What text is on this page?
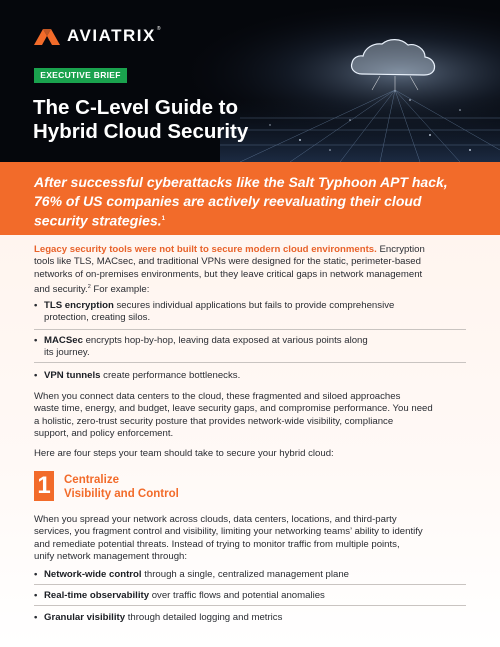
AVIATRIX ®
EXECUTIVE BRIEF
The C-Level Guide to
Hybrid Cloud Security

After successful cyberattacks like the Salt Typhoon APT hack,

76% of US companies are actively reevaluating their cloud

security strategies.$^1$

Legacy security tools were not built to secure modern cloud environments. Encryption
tools like TLS, MACsec, and traditional VPNs were designed for the static, perimeter-based
networks of on-premises environments, but they leave critical gaps in network management
and security.$^2$ For example:
• TLS encryption secures individual applications but fails to provide comprehensive
protection, creating silos.
• MACSec encrypts hop-by-hop, leaving data exposed at various points along
its journey.
• VPN tunnels create performance bottlenecks.
When you connect data centers to the cloud, these fragmented and siloed approaches
waste time, energy, and budget, leave security gaps, and compromise performance. You need
a holistic, zero-trust security posture that provides network-wide visibility, compliance
support, and policy enforcement.
Here are four steps your team should take to secure your hybrid cloud:
1 Centralize
Visibility and Control
When you spread your network across clouds, data centers, locations, and third-party
services, you fragment control and visibility, limiting your networking teams’ ability to identify
and remediate potential threats. Instead of trying to monitor traffic from multiple points,
unify network management through:
• Network-wide control through a single, centralized management plane
• Real-time observability over traffic flows and potential anomalies
• Granular visibility through detailed logging and metrics
